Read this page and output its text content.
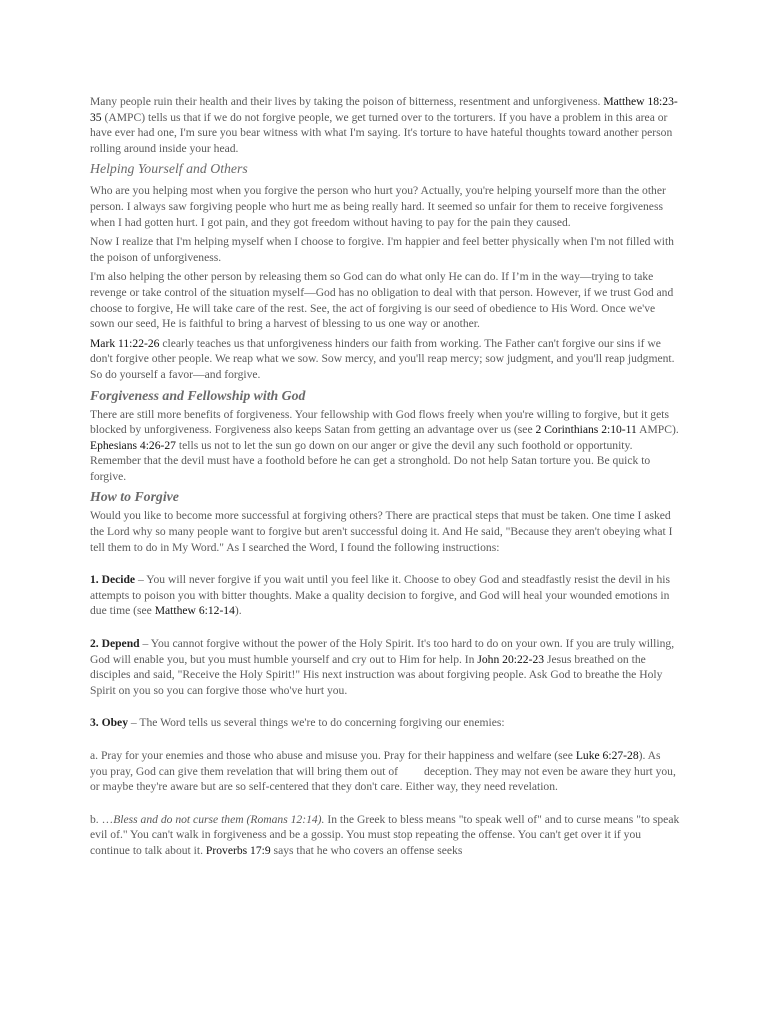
Many people ruin their health and their lives by taking the poison of bitterness, resentment and unforgiveness. Matthew 18:23-35 (AMPC) tells us that if we do not forgive people, we get turned over to the torturers. If you have a problem in this area or have ever had one, I'm sure you bear witness with what I'm saying. It's torture to have hateful thoughts toward another person rolling around inside your head.

Helping Yourself and Others

Who are you helping most when you forgive the person who hurt you? Actually, you're helping yourself more than the other person. I always saw forgiving people who hurt me as being really hard. It seemed so unfair for them to receive forgiveness when I had gotten hurt. I got pain, and they got freedom without having to pay for the pain they caused.

Now I realize that I'm helping myself when I choose to forgive. I'm happier and feel better physically when I'm not filled with the poison of unforgiveness.

I'm also helping the other person by releasing them so God can do what only He can do. If I’m in the way—trying to take revenge or take control of the situation myself—God has no obligation to deal with that person. However, if we trust God and choose to forgive, He will take care of the rest. See, the act of forgiving is our seed of obedience to His Word. Once we've sown our seed, He is faithful to bring a harvest of blessing to us one way or another.

Mark 11:22-26 clearly teaches us that unforgiveness hinders our faith from working. The Father can't forgive our sins if we don't forgive other people. We reap what we sow. Sow mercy, and you'll reap mercy; sow judgment, and you'll reap judgment. So do yourself a favor—and forgive.

Forgiveness and Fellowship with God

There are still more benefits of forgiveness. Your fellowship with God flows freely when you're willing to forgive, but it gets blocked by unforgiveness. Forgiveness also keeps Satan from getting an advantage over us (see 2 Corinthians 2:10-11 AMPC). Ephesians 4:26-27 tells us not to let the sun go down on our anger or give the devil any such foothold or opportunity. Remember that the devil must have a foothold before he can get a stronghold. Do not help Satan torture you. Be quick to forgive.

How to Forgive

Would you like to become more successful at forgiving others? There are practical steps that must be taken. One time I asked the Lord why so many people want to forgive but aren't successful doing it. And He said, "Because they aren't obeying what I tell them to do in My Word." As I searched the Word, I found the following instructions:

1. Decide – You will never forgive if you wait until you feel like it. Choose to obey God and steadfastly resist the devil in his attempts to poison you with bitter thoughts. Make a quality decision to forgive, and God will heal your wounded emotions in due time (see Matthew 6:12-14).

2. Depend – You cannot forgive without the power of the Holy Spirit. It's too hard to do on your own. If you are truly willing, God will enable you, but you must humble yourself and cry out to Him for help. In John 20:22-23 Jesus breathed on the disciples and said, "Receive the Holy Spirit!" His next instruction was about forgiving people. Ask God to breathe the Holy Spirit on you so you can forgive those who've hurt you.

3. Obey – The Word tells us several things we're to do concerning forgiving our enemies:

a. Pray for your enemies and those who abuse and misuse you. Pray for their happiness and welfare (see Luke 6:27-28). As you pray, God can give them revelation that will bring them out of deception. They may not even be aware they hurt you, or maybe they're aware but are so self-centered that they don't care. Either way, they need revelation.

b. …Bless and do not curse them (Romans 12:14). In the Greek to bless means "to speak well of" and to curse means "to speak evil of." You can't walk in forgiveness and be a gossip. You must stop repeating the offense. You can't get over it if you continue to talk about it. Proverbs 17:9 says that he who covers an offense seeks
